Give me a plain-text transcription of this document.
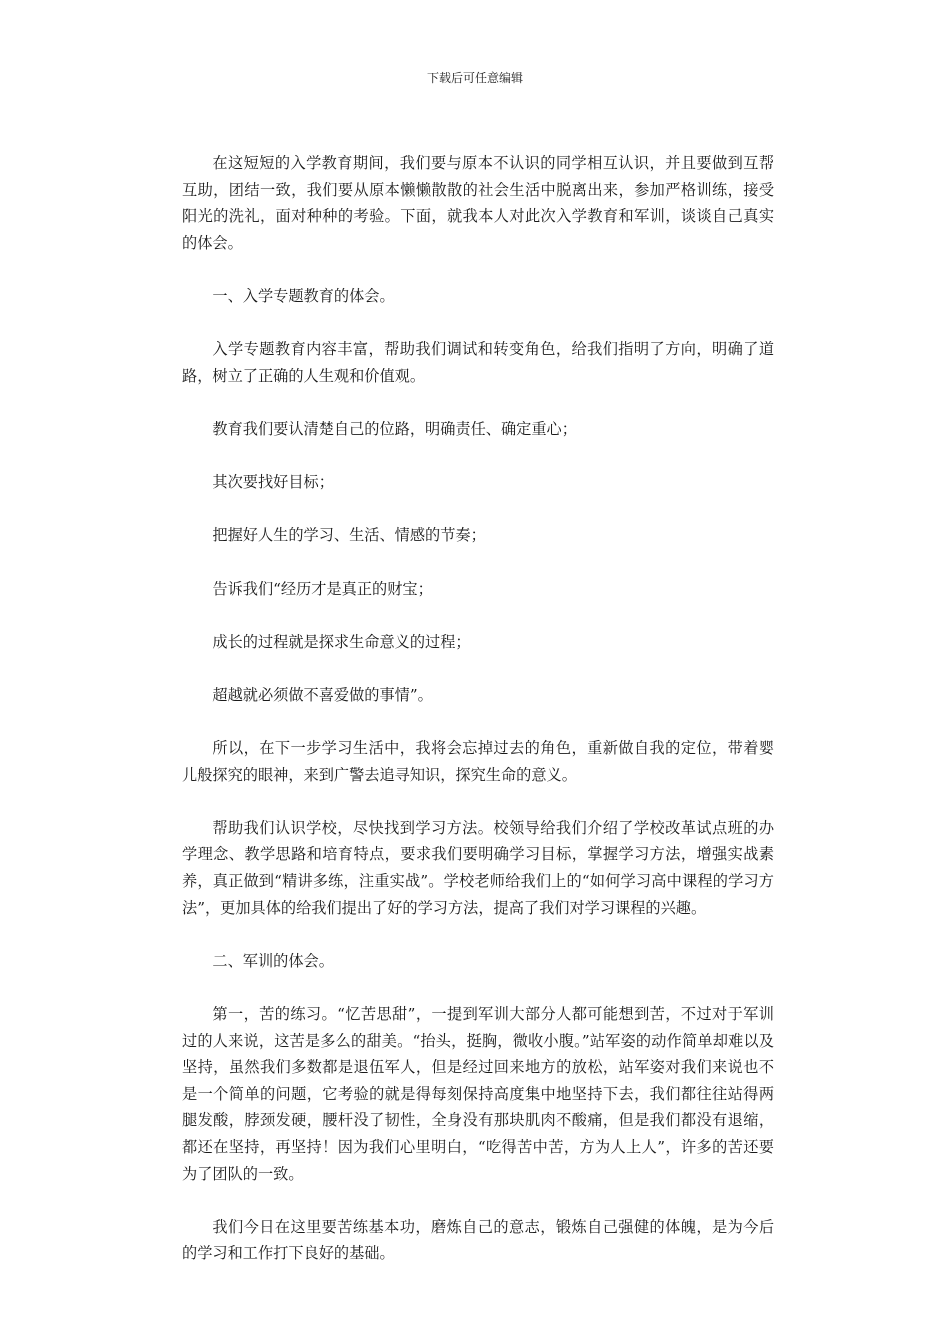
下载后可任意编辑

在这短短的入学教育期间，我们要与原本不认识的同学相互认识，并且要做到互帮互助，团结一致，我们要从原本懒懒散散的社会生活中脱离出来，参加严格训练，接受阳光的洗礼，面对种种的考验。下面，就我本人对此次入学教育和军训，谈谈自己真实的体会。

一、入学专题教育的体会。

入学专题教育内容丰富，帮助我们调试和转变角色，给我们指明了方向，明确了道路，树立了正确的人生观和价值观。

教育我们要认清楚自己的位路，明确责任、确定重心；

其次要找好目标；

把握好人生的学习、生活、情感的节奏；

告诉我们“经历才是真正的财宝；

成长的过程就是探求生命意义的过程；

超越就必须做不喜爱做的事情”。

所以，在下一步学习生活中，我将会忘掉过去的角色，重新做自我的定位，带着婴儿般探究的眼神，来到广警去追寻知识，探究生命的意义。

帮助我们认识学校，尽快找到学习方法。校领导给我们介绍了学校改革试点班的办学理念、教学思路和培育特点，要求我们要明确学习目标，掌握学习方法，增强实战素养，真正做到“精讲多练，注重实战”。学校老师给我们上的“如何学习高中课程的学习方法”，更加具体的给我们提出了好的学习方法，提高了我们对学习课程的兴趣。

二、军训的体会。

第一，苦的练习。“忆苦思甜”，一提到军训大部分人都可能想到苦，不过对于军训过的人来说，这苦是多么的甜美。“抬头，挺胸，微收小腹。”站军姿的动作简单却难以及坚持，虽然我们多数都是退伍军人，但是经过回来地方的放松，站军姿对我们来说也不是一个简单的问题，它考验的就是得每刻保持高度集中地坚持下去，我们都往往站得两腿发酸，脖颈发硬，腰杆没了韧性，全身没有那块肌肉不酸痛，但是我们都没有退缩，都还在坚持，再坚持！因为我们心里明白，“吃得苦中苦，方为人上人”，许多的苦还要为了团队的一致。

我们今日在这里要苦练基本功，磨炼自己的意志，锻炼自己强健的体魄，是为今后的学习和工作打下良好的基础。
